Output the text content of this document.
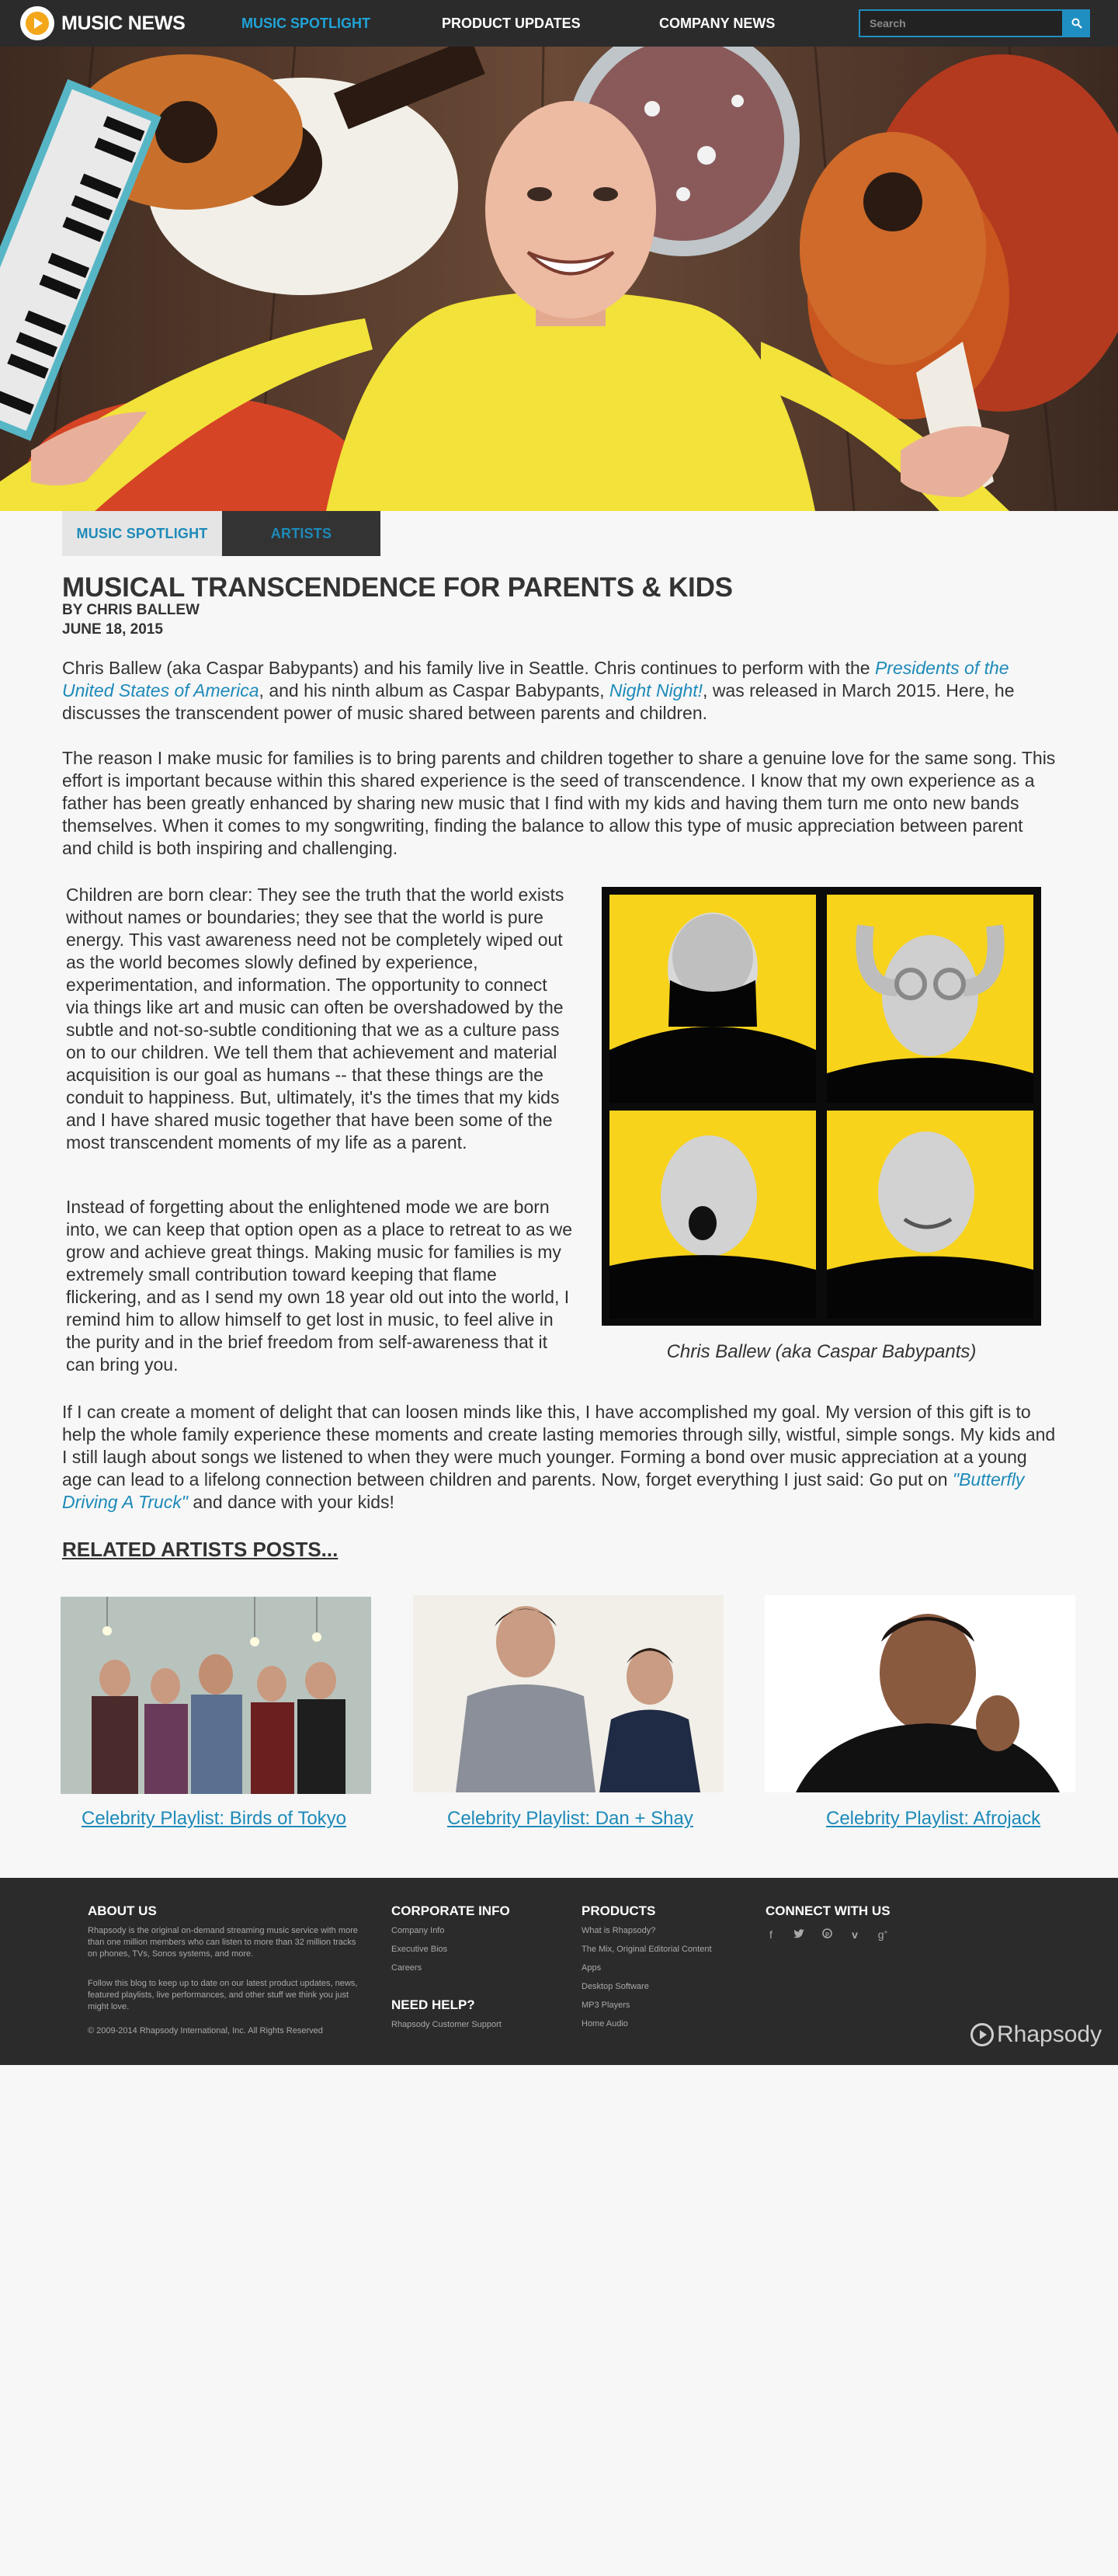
MUSIC NEWS	MUSIC SPOTLIGHT	PRODUCT UPDATES	COMPANY NEWS
Search
MUSIC SPOTLIGHT	ARTISTS
MUSICAL TRANSCENDENCE FOR PARENTS & KIDS
BY CHRIS BALLEW
JUNE 18, 2015

Chris Ballew (aka Caspar Babypants) and his family live in Seattle. Chris continues to perform with the Presidents of the United States of America, and his ninth album as Caspar Babypants, Night Night!, was released in March 2015. Here, he discusses the transcendent power of music shared between parents and children.

The reason I make music for families is to bring parents and children together to share a genuine love for the same song. This effort is important because within this shared experience is the seed of transcendence. I know that my own experience as a father has been greatly enhanced by sharing new music that I find with my kids and having them turn me onto new bands themselves. When it comes to my songwriting, finding the balance to allow this type of music appreciation between parent and child is both inspiring and challenging.

Children are born clear: They see the truth that the world exists without names or boundaries; they see that the world is pure energy. This vast awareness need not be completely wiped out as the world becomes slowly defined by experience, experimentation, and information. The opportunity to connect via things like art and music can often be overshadowed by the subtle and not-so-subtle conditioning that we as a culture pass on to our children. We tell them that achievement and material acquisition is our goal as humans -- that these things are the conduit to happiness. But, ultimately, it's the times that my kids and I have shared music together that have been some of the most transcendent moments of my life as a parent.

Instead of forgetting about the enlightened mode we are born into, we can keep that option open as a place to retreat to as we grow and achieve great things. Making music for families is my extremely small contribution toward keeping that flame flickering, and as I send my own 18 year old out into the world, I remind him to allow himself to get lost in music, to feel alive in the purity and in the brief freedom from self-awareness that it can bring you.

Chris Ballew (aka Caspar Babypants)

If I can create a moment of delight that can loosen minds like this, I have accomplished my goal. My version of this gift is to help the whole family experience these moments and create lasting memories through silly, wistful, simple songs. My kids and I still laugh about songs we listened to when they were much younger. Forming a bond over music appreciation at a young age can lead to a lifelong connection between children and parents. Now, forget everything I just said: Go put on "Butterfly Driving A Truck" and dance with your kids!

RELATED ARTISTS POSTS...
Celebrity Playlist: Birds of Tokyo	Celebrity Playlist: Dan + Shay	Celebrity Playlist: Afrojack
ABOUT US

Rhapsody is the original on-demand streaming music service with more than one million members who can listen to more than 32 million tracks on phones, TVs, Sonos systems, and more.

Follow this blog to keep up to date on our latest product updates, news, featured playlists, live performances, and other stuff we think you just might love.

© 2009-2014 Rhapsody International, Inc. All Rights Reserved

CORPORATE INFO
Company Info
Executive Bios
Careers
NEED HELP?
Rhapsody Customer Support
PRODUCTS
What is Rhapsody?
The Mix, Original Editorial Content
Apps
Desktop Software
MP3 Players
Home Audio
CONNECT WITH US
f	p v g+
Rhapsody
